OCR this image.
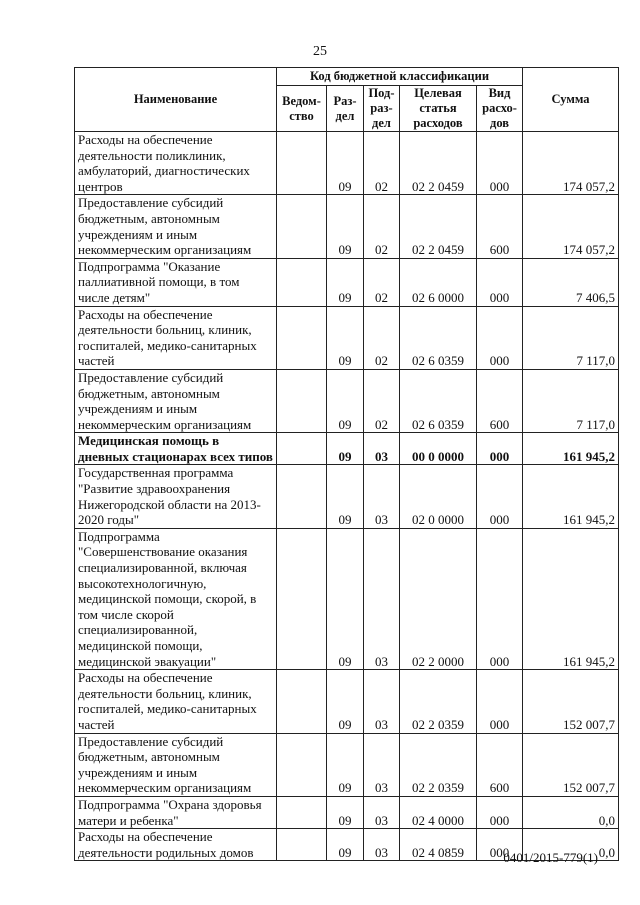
25
Наименование	Код бюджетной классификации					Сумма
	Ведом-ство	Раз-дел	Под-раз-дел	Целевая статья расходов	Вид расхо-дов	
Расходы на обеспечение деятельности поликлиник, амбулаторий, диагностических центров		09	02	02 2 0459	000	174 057,2
Предоставление субсидий бюджетным, автономным учреждениям и иным некоммерческим организациям		09	02	02 2 0459	600	174 057,2
Подпрограмма "Оказание паллиативной помощи, в том числе детям"		09	02	02 6 0000	000	7 406,5
Расходы на обеспечение деятельности больниц, клиник, госпиталей, медико-санитарных частей		09	02	02 6 0359	000	7 117,0
Предоставление субсидий бюджетным, автономным учреждениям и иным некоммерческим организациям		09	02	02 6 0359	600	7 117,0
Медицинская помощь в дневных стационарах всех типов		09	03	00 0 0000	000	161 945,2
Государственная программа "Развитие здравоохранения Нижегородской области на 2013-2020 годы"		09	03	02 0 0000	000	161 945,2
Подпрограмма "Совершенствование оказания специализированной, включая высокотехнологичную, медицинской помощи, скорой, в том числе скорой специализированной, медицинской помощи, медицинской эвакуации"		09	03	02 2 0000	000	161 945,2
Расходы на обеспечение деятельности больниц, клиник, госпиталей, медико-санитарных частей		09	03	02 2 0359	000	152 007,7
Предоставление субсидий бюджетным, автономным учреждениям и иным некоммерческим организациям		09	03	02 2 0359	600	152 007,7
Подпрограмма "Охрана здоровья матери и ребенка"		09	03	02 4 0000	000	0,0
Расходы на обеспечение деятельности родильных домов		09	03	02 4 0859	000	0,0
0401/2015-779(1)
